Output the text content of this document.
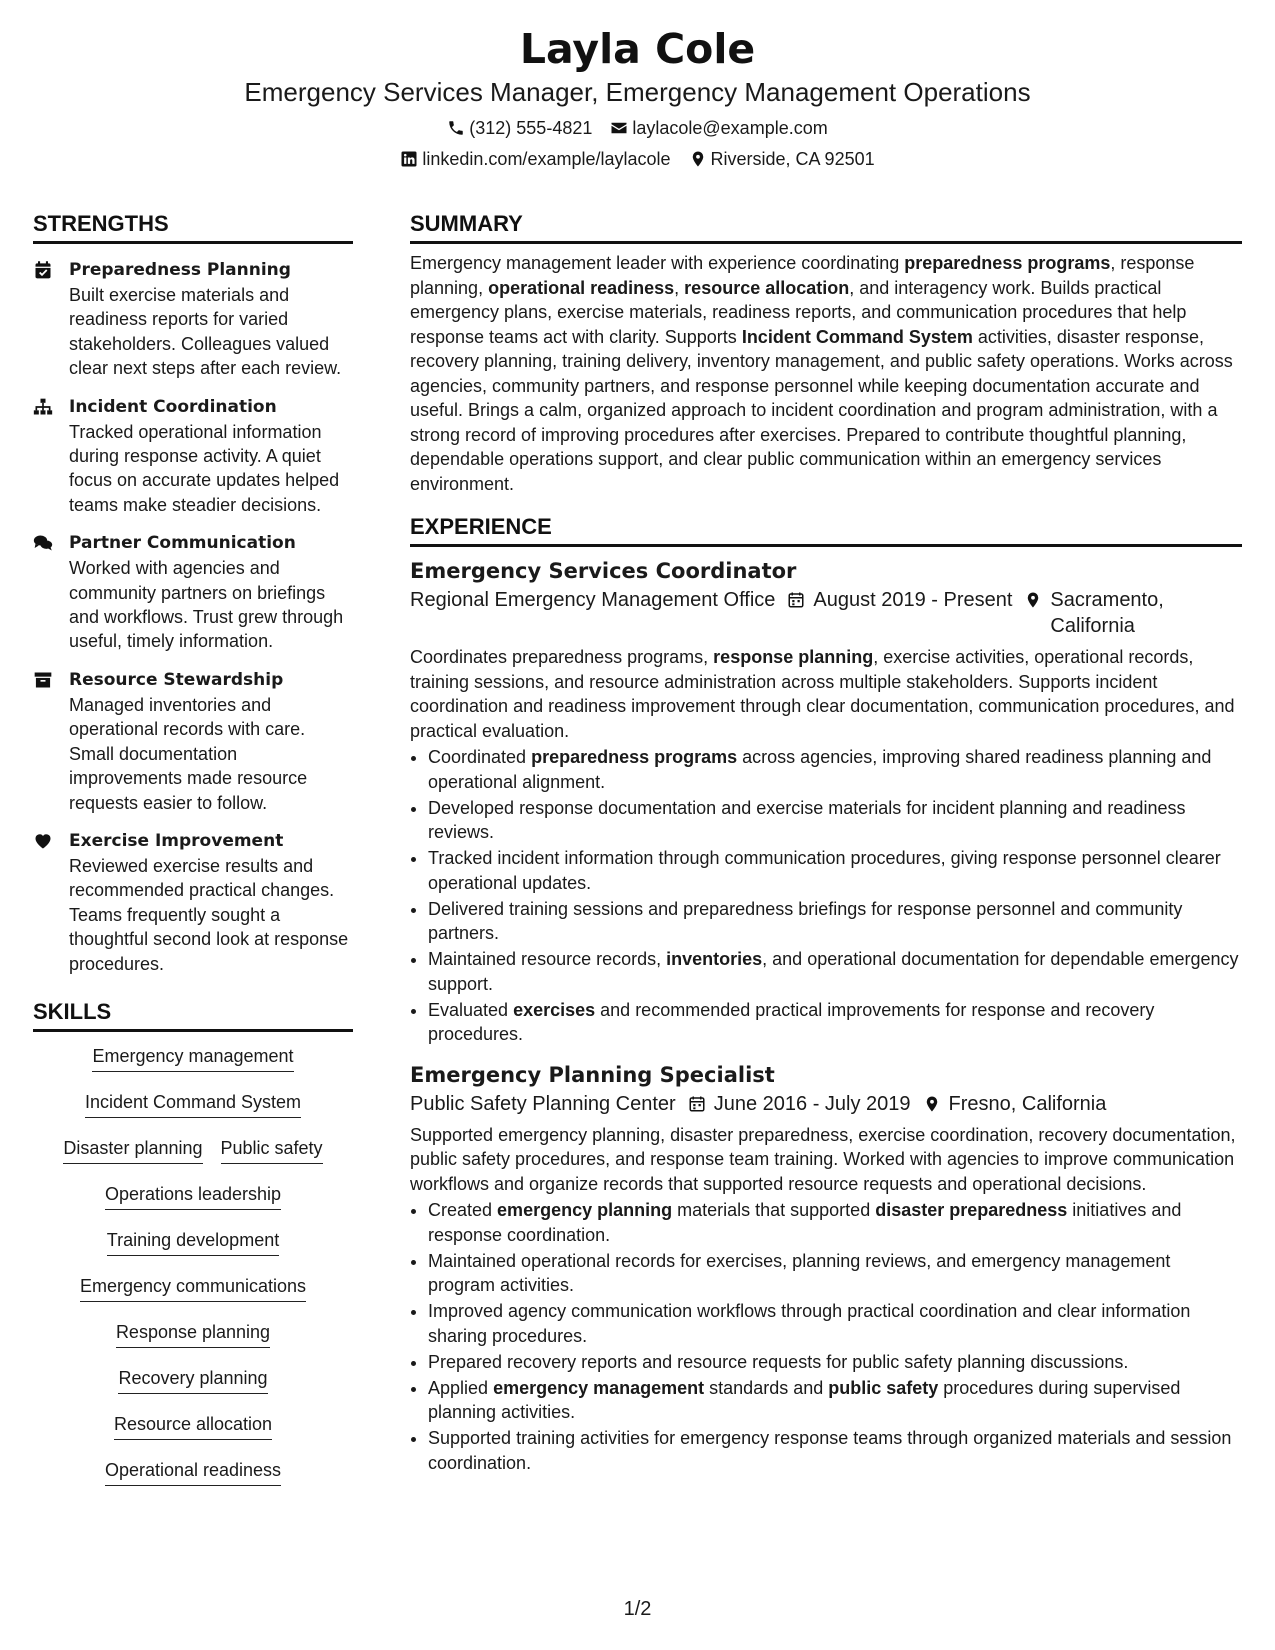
Layla Cole
Emergency Services Manager, Emergency Management Operations
(312) 555-4821 laylacole@example.com
linkedin.com/example/laylacole Riverside, CA 92501
STRENGTHS
Preparedness Planning
Built exercise materials and readiness reports for varied stakeholders. Colleagues valued clear next steps after each review.
Incident Coordination
Tracked operational information during response activity. A quiet focus on accurate updates helped teams make steadier decisions.
Partner Communication
Worked with agencies and community partners on briefings and workflows. Trust grew through useful, timely information.
Resource Stewardship
Managed inventories and operational records with care. Small documentation improvements made resource requests easier to follow.
Exercise Improvement
Reviewed exercise results and recommended practical changes. Teams frequently sought a thoughtful second look at response procedures.
SKILLS
Emergency management
Incident Command System
Disaster planning Public safety
Operations leadership
Training development
Emergency communications
Response planning
Recovery planning
Resource allocation
Operational readiness
SUMMARY
Emergency management leader with experience coordinating preparedness programs, response planning, operational readiness, resource allocation, and interagency work. Builds practical emergency plans, exercise materials, readiness reports, and communication procedures that help response teams act with clarity. Supports Incident Command System activities, disaster response, recovery planning, training delivery, inventory management, and public safety operations. Works across agencies, community partners, and response personnel while keeping documentation accurate and useful. Brings a calm, organized approach to incident coordination and program administration, with a strong record of improving procedures after exercises. Prepared to contribute thoughtful planning, dependable operations support, and clear public communication within an emergency services environment.
EXPERIENCE
Emergency Services Coordinator
Regional Emergency Management Office August 2019 - Present Sacramento, California
Coordinates preparedness programs, response planning, exercise activities, operational records, training sessions, and resource administration across multiple stakeholders. Supports incident coordination and readiness improvement through clear documentation, communication procedures, and practical evaluation.
• Coordinated preparedness programs across agencies, improving shared readiness planning and operational alignment.
• Developed response documentation and exercise materials for incident planning and readiness reviews.
• Tracked incident information through communication procedures, giving response personnel clearer operational updates.
• Delivered training sessions and preparedness briefings for response personnel and community partners.
• Maintained resource records, inventories, and operational documentation for dependable emergency support.
• Evaluated exercises and recommended practical improvements for response and recovery procedures.
Emergency Planning Specialist
Public Safety Planning Center June 2016 - July 2019 Fresno, California
Supported emergency planning, disaster preparedness, exercise coordination, recovery documentation, public safety procedures, and response team training. Worked with agencies to improve communication workflows and organize records that supported resource requests and operational decisions.
• Created emergency planning materials that supported disaster preparedness initiatives and response coordination.
• Maintained operational records for exercises, planning reviews, and emergency management program activities.
• Improved agency communication workflows through practical coordination and clear information sharing procedures.
• Prepared recovery reports and resource requests for public safety planning discussions.
• Applied emergency management standards and public safety procedures during supervised planning activities.
• Supported training activities for emergency response teams through organized materials and session coordination.
1/2
